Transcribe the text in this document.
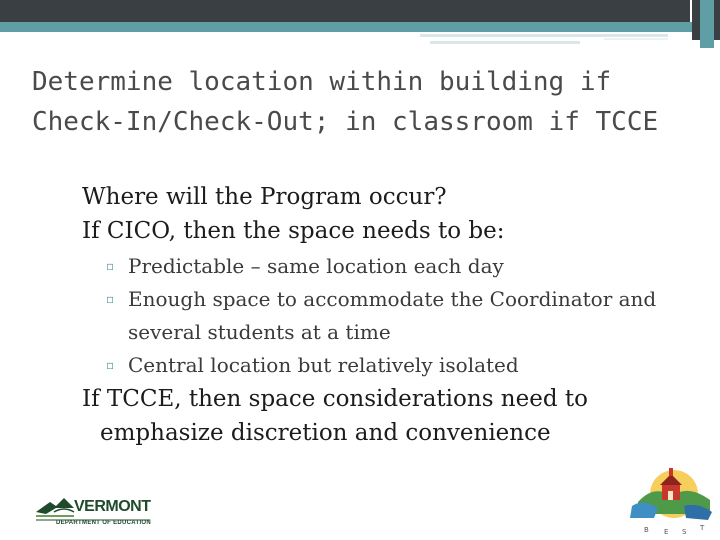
Determine location within building if Check-In/Check-Out; in classroom if TCCE

Where will the Program occur?

If CICO, then the space needs to be:

▫ Predictable – same location each day
▫ Enough space to accommodate the Coordinator and several students at a time
▫ Central location but relatively isolated

If TCCE, then space considerations need to emphasize discretion and convenience

VERMONT
DEPARTMENT OF EDUCATION
B E S T
